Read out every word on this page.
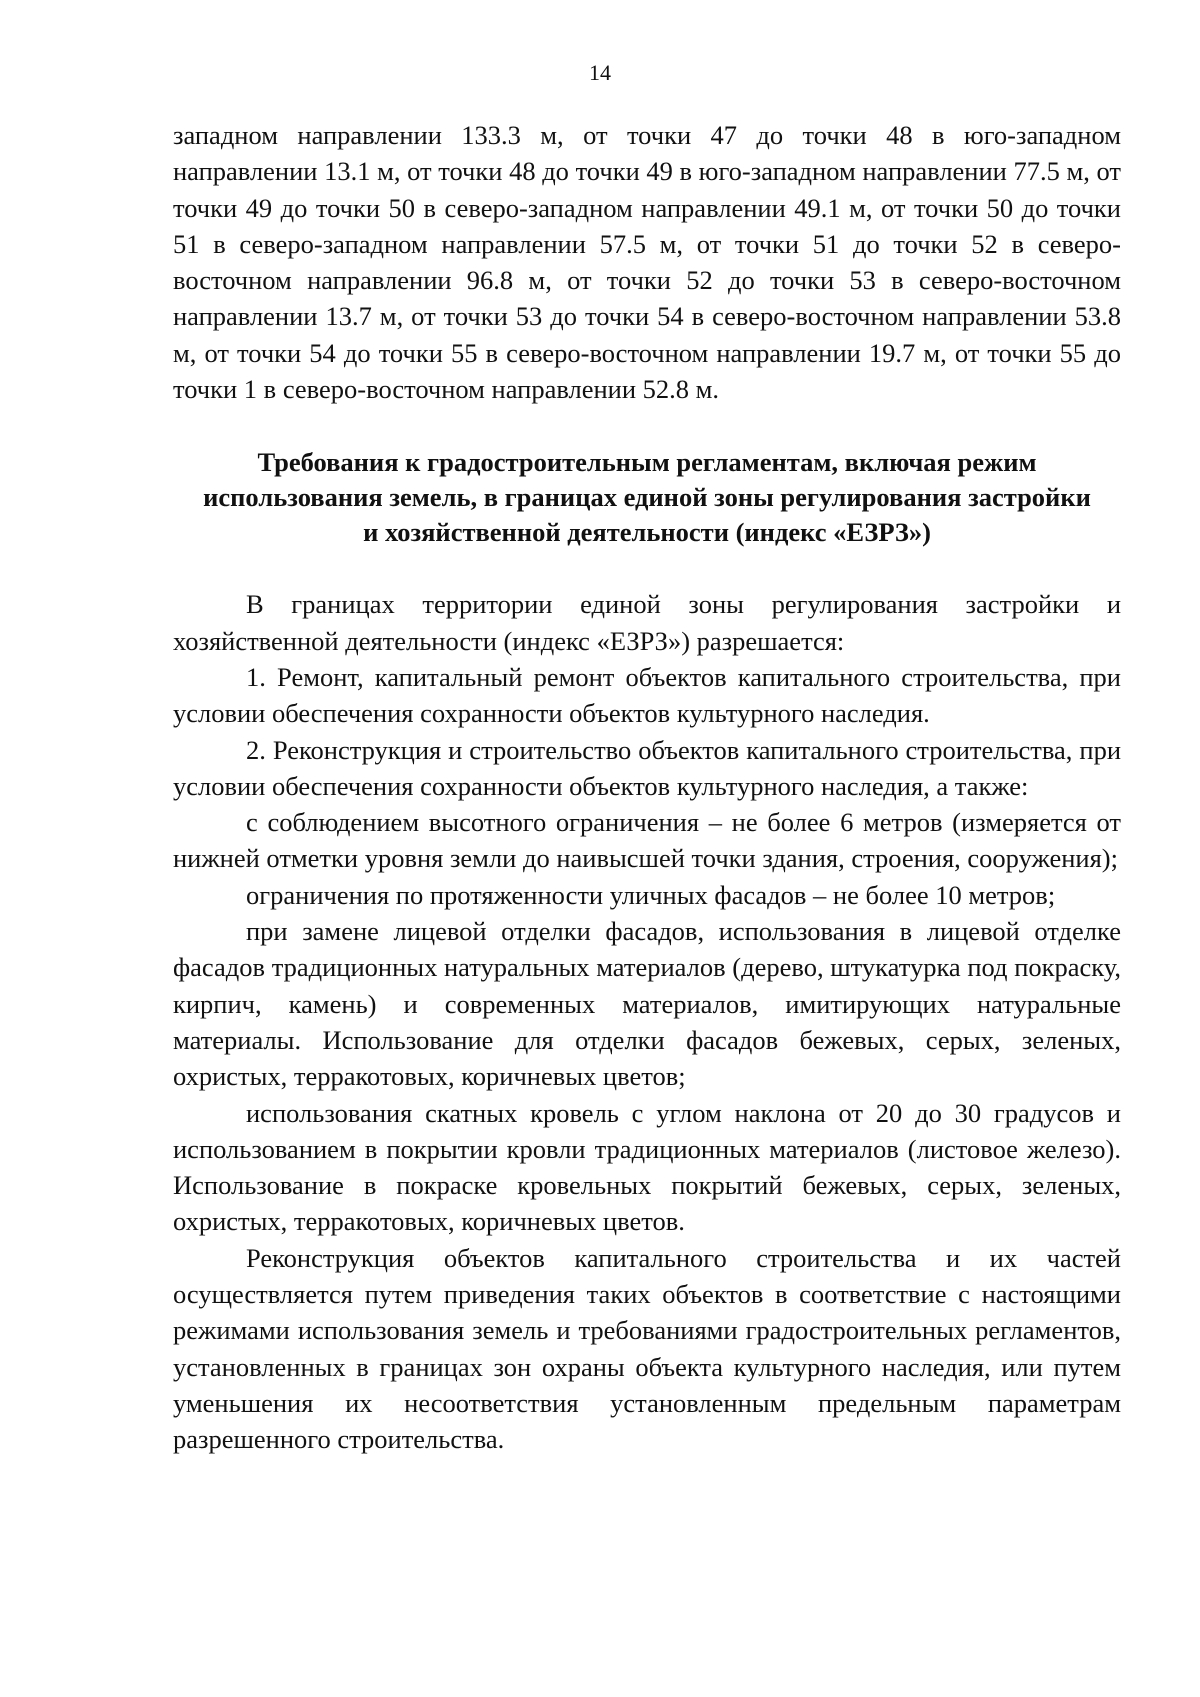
14

западном направлении 133.3 м, от точки 47 до точки 48 в юго-западном направлении 13.1 м, от точки 48 до точки 49 в юго-западном направлении 77.5 м, от точки 49 до точки 50 в северо-западном направлении 49.1 м, от точки 50 до точки 51 в северо-западном направлении 57.5 м, от точки 51 до точки 52 в северо-восточном направлении 96.8 м, от точки 52 до точки 53 в северо-восточном направлении 13.7 м, от точки 53 до точки 54 в северо-восточном направлении 53.8 м, от точки 54 до точки 55 в северо-восточном направлении 19.7 м, от точки 55 до точки 1 в северо-восточном направлении 52.8 м.

Требования к градостроительным регламентам, включая режим использования земель, в границах единой зоны регулирования застройки и хозяйственной деятельности (индекс «ЕЗРЗ»)

В границах территории единой зоны регулирования застройки и хозяйственной деятельности (индекс «ЕЗРЗ») разрешается:

1. Ремонт, капитальный ремонт объектов капитального строительства, при условии обеспечения сохранности объектов культурного наследия.

2. Реконструкция и строительство объектов капитального строительства, при условии обеспечения сохранности объектов культурного наследия, а также:

с соблюдением высотного ограничения – не более 6 метров (измеряется от нижней отметки уровня земли до наивысшей точки здания, строения, сооружения);

ограничения по протяженности уличных фасадов – не более 10 метров;

при замене лицевой отделки фасадов, использования в лицевой отделке фасадов традиционных натуральных материалов (дерево, штукатурка под покраску, кирпич, камень) и современных материалов, имитирующих натуральные материалы. Использование для отделки фасадов бежевых, серых, зеленых, охристых, терракотовых, коричневых цветов;

использования скатных кровель с углом наклона от 20 до 30 градусов и использованием в покрытии кровли традиционных материалов (листовое железо). Использование в покраске кровельных покрытий бежевых, серых, зеленых, охристых, терракотовых, коричневых цветов.

Реконструкция объектов капитального строительства и их частей осуществляется путем приведения таких объектов в соответствие с настоящими режимами использования земель и требованиями градостроительных регламентов, установленных в границах зон охраны объекта культурного наследия, или путем уменьшения их несоответствия установленным предельным параметрам разрешенного строительства.
